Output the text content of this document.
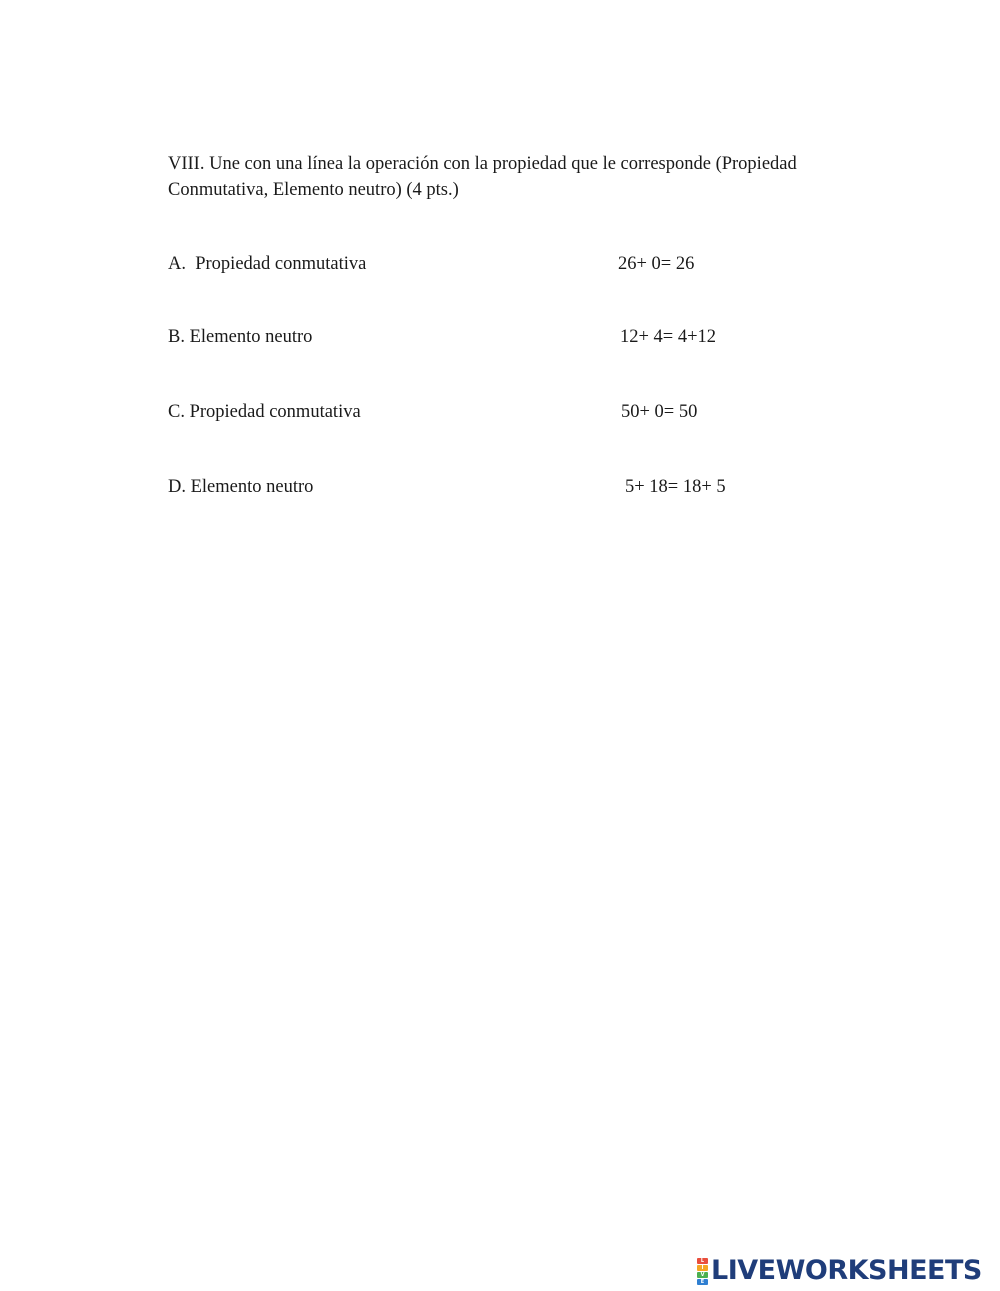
VIII. Une con una línea la operación con la propiedad que le corresponde (Propiedad
Conmutativa, Elemento neutro) (4 pts.)

A.  Propiedad conmutativa	26+ 0= 26
B. Elemento neutro	12+ 4= 4+12
C. Propiedad conmutativa	50+ 0= 50
D. Elemento neutro	5+ 18= 18+ 5
L
I
V
E LIVEWORKSHEETS
